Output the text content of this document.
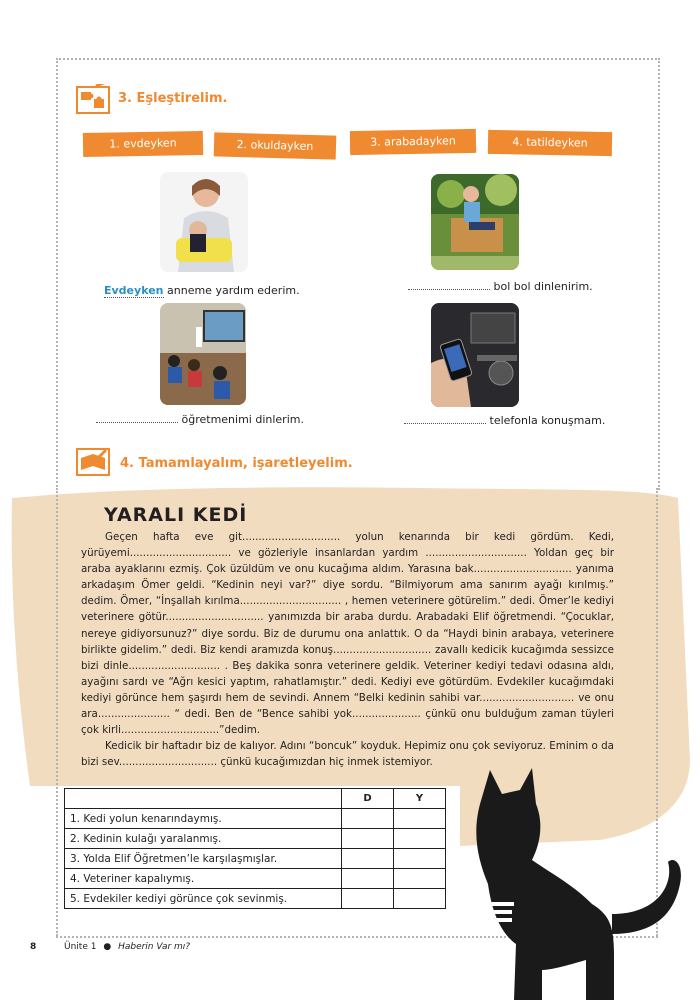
3. Eşleştirelim.
1. evdeyken	2. okuldayken	3. arabadayken	4. tatildeyken
Evdeyken anneme yardım ederim.	bol bol dinlenirim.
öğretmenimi dinlerim.	telefonla konuşmam.
4. Tamamlayalım, işaretleyelim.
YARALI KEDİ

Geçen hafta eve git.............................. yolun kenarında bir kedi gördüm. Kedi, yürüyemi............................... ve gözleriyle insanlardan yardım ............................... Yoldan geç bir araba ayaklarını ezmiş. Çok üzüldüm ve onu kucağıma aldım. Yarasına bak.............................. yanıma arkadaşım Ömer geldi. “Kedinin neyi var?” diye sordu. “Bilmiyorum ama sanırım ayağı kırılmış.” dedim. Ömer, “İnşallah kırılma............................... , hemen veterinere götürelim.” dedi. Ömer’le kediyi veterinere götür.............................. yanımızda bir araba durdu. Arabadaki Elif öğretmendi. “Çocuklar, nereye gidiyorsunuz?” diye sordu. Biz de durumu ona anlattık. O da “Haydi binin arabaya, veterinere birlikte gidelim.” dedi. Biz kendi aramızda konuş.............................. zavallı kedicik kucağımda sessizce bizi dinle............................ . Beş dakika sonra veterinere geldik. Veteriner kediyi tedavi odasına aldı, ayağını sardı ve “Ağrı kesici yaptım, rahatlamıştır.” dedi. Kediyi eve götürdüm. Evdekiler kucağımdaki kediyi görünce hem şaşırdı hem de sevindi. Annem “Belki kedinin sahibi var............................. ve onu ara...................... “ dedi. Ben de “Bence sahibi yok..................... çünkü onu bulduğum zaman tüyleri çok kirli..............................”dedim.

Kedicik bir haftadır biz de kalıyor. Adını “boncuk” koyduk. Hepimiz onu çok seviyoruz. Eminim o da bizi sev.............................. çünkü kucağımızdan hiç inmek istemiyor.

	D	Y
1. Kedi yolun kenarındaymış.		
2. Kedinin kulağı yaralanmış.		
3. Yolda Elif Öğretmen’le karşılaşmışlar.		
4. Veteriner kapalıymış.		
5. Evdekiler kediyi görünce çok sevinmiş.		
8	Ünite 1 ● Haberin Var mı?
